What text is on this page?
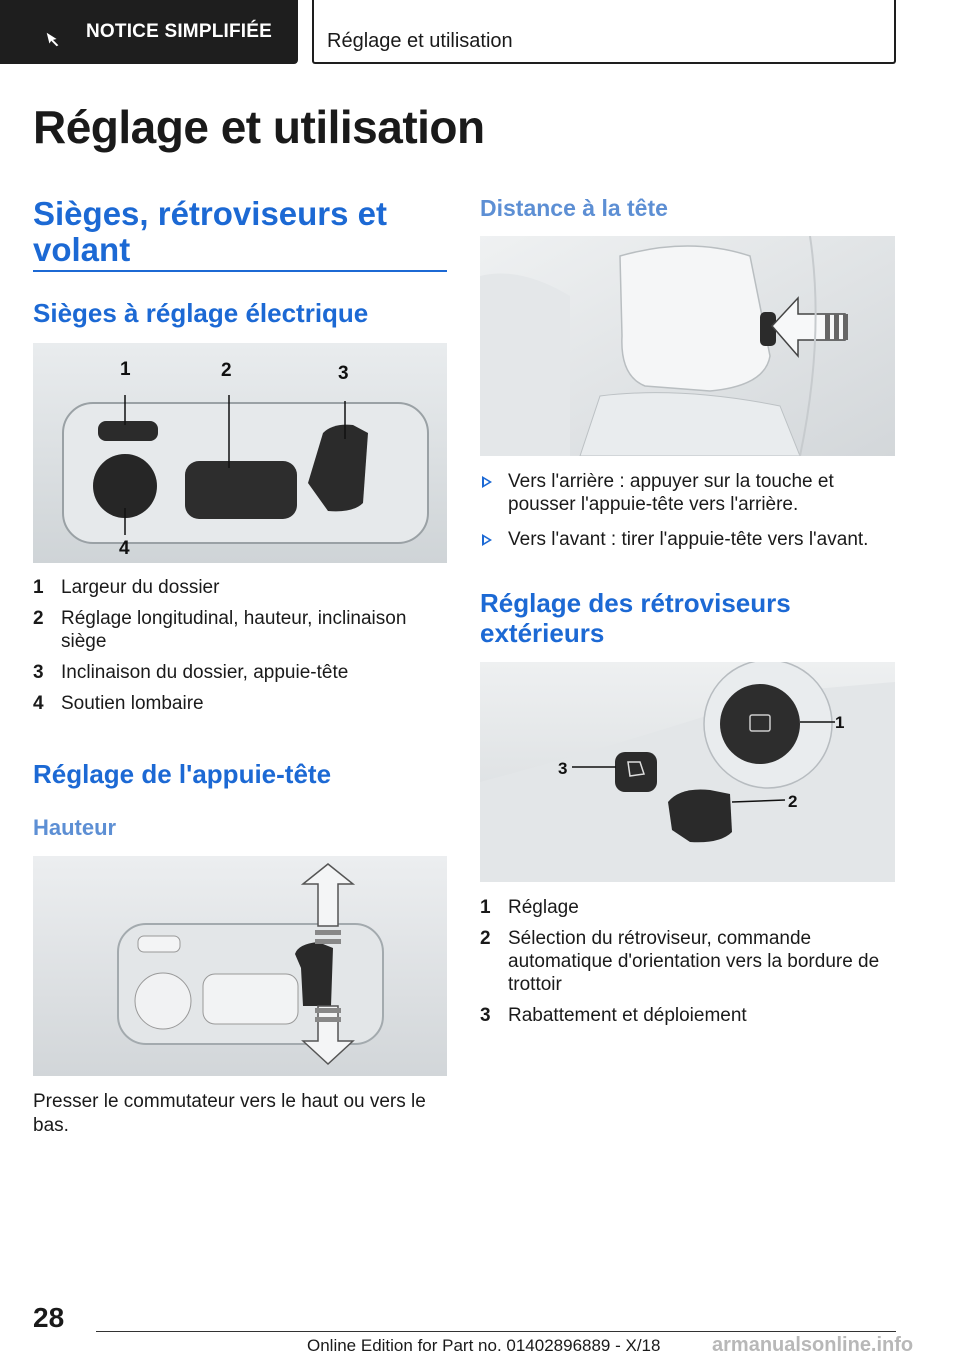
NOTICE SIMPLIFIÉE	Réglage et utilisation
Réglage et utilisation
Sièges, rétroviseurs et volant
Sièges à réglage électrique
1	2	3
4
1 Largeur du dossier
2 Réglage longitudinal, hauteur, inclinaison siège
3 Inclinaison du dossier, appuie-tête
4 Soutien lombaire
Réglage de l'appuie-tête
Hauteur
Presser le commutateur vers le haut ou vers le bas.
Distance à la tête
Vers l'arrière : appuyer sur la touche et pousser l'appuie-tête vers l'arrière.
Vers l'avant : tirer l'appuie-tête vers l'avant.
Réglage des rétroviseurs extérieurs
1
2
3
1 Réglage
2 Sélection du rétroviseur, commande automatique d'orientation vers la bordure de trottoir
3 Rabattement et déploiement
28
Online Edition for Part no. 01402896889 - X/18	armanualsonline.info
